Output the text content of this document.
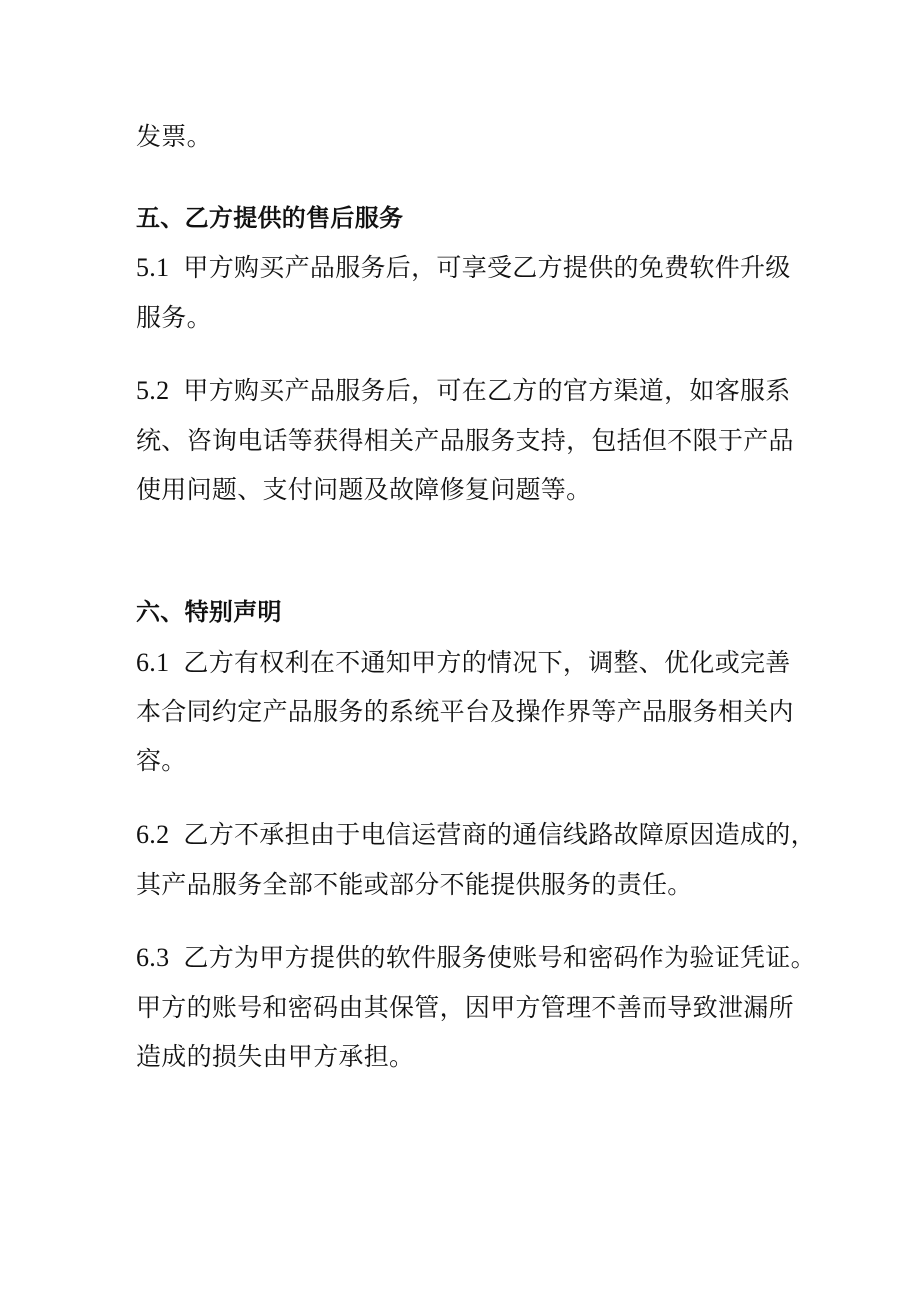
发票。
五、乙方提供的售后服务
5.1 甲方购买产品服务后，可享受乙方提供的免费软件升级
服务。
5.2 甲方购买产品服务后，可在乙方的官方渠道，如客服系
统、咨询电话等获得相关产品服务支持，包括但不限于产品
使用问题、支付问题及故障修复问题等。
六、特别声明
6.1 乙方有权利在不通知甲方的情况下，调整、优化或完善
本合同约定产品服务的系统平台及操作界等产品服务相关内
容。
6.2 乙方不承担由于电信运营商的通信线路故障原因造成的，
其产品服务全部不能或部分不能提供服务的责任。
6.3 乙方为甲方提供的软件服务使账号和密码作为验证凭证。
甲方的账号和密码由其保管，因甲方管理不善而导致泄漏所
造成的损失由甲方承担。
